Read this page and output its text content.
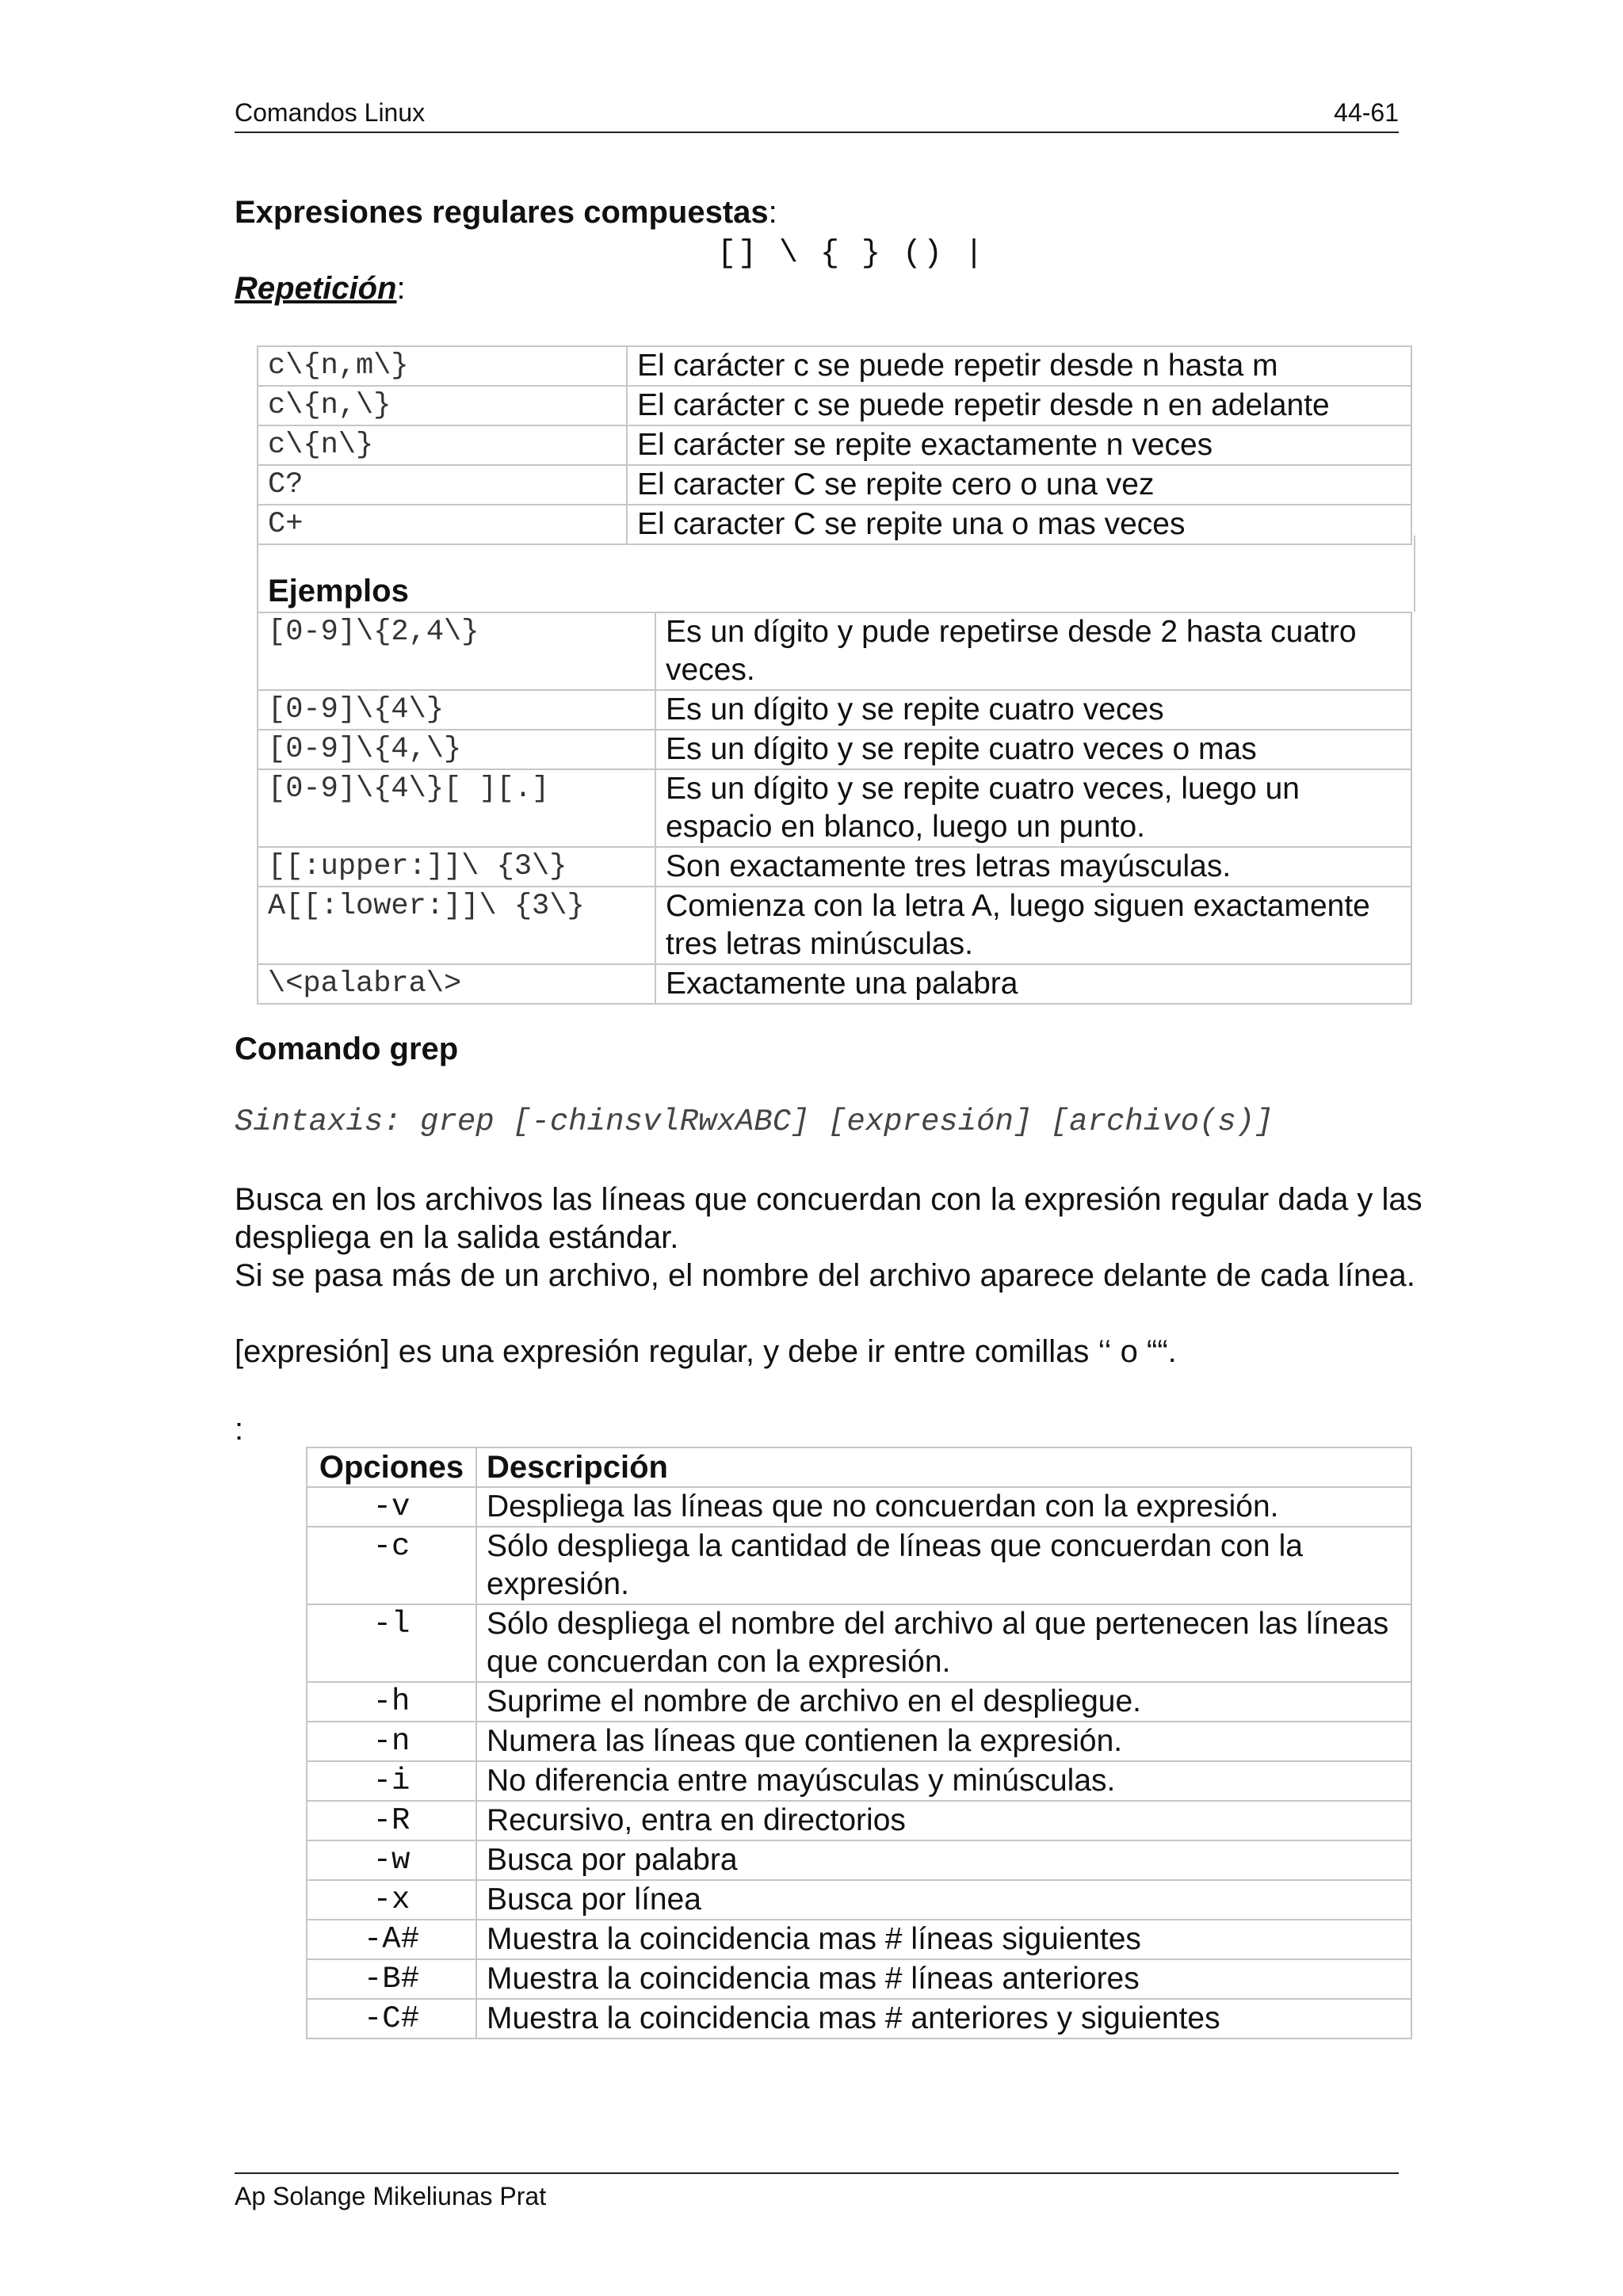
Comandos Linux	44-61
Expresiones regulares compuestas:
[] \ { } () |
Repetición:
c\{n,m\}	El carácter c se puede repetir desde n hasta m
c\{n,\}	El carácter c se puede repetir desde n en adelante
c\{n\}	El carácter se repite exactamente n veces
C?	El caracter C se repite cero o una vez
C+	El caracter C se repite una o mas veces
Ejemplos
[0-9]\{2,4\}	Es un dígito y pude repetirse desde 2 hasta cuatro veces.
[0-9]\{4\}	Es un dígito y se repite cuatro veces
[0-9]\{4,\}	Es un dígito y se repite cuatro veces o mas
[0-9]\{4\}[ ][.]	Es un dígito y se repite cuatro veces, luego un espacio en blanco, luego un punto.
[[:upper:]]\ {3\}	Son exactamente tres letras mayúsculas.
A[[:lower:]]\ {3\}	Comienza con la letra A, luego siguen exactamente tres letras minúsculas.
\<palabra\>	Exactamente una palabra
Comando grep
Sintaxis: grep [-chinsvlRwxABC] [expresión] [archivo(s)]
Busca en los archivos las líneas que concuerdan con la expresión regular dada y las despliega en la salida estándar.
Si se pasa más de un archivo, el nombre del archivo aparece delante de cada línea.
[expresión] es una expresión regular, y debe ir entre comillas ‘‘ o ““.
:
Opciones	Descripción
-v	Despliega las líneas que no concuerdan con la expresión.
-c	Sólo despliega la cantidad de líneas que concuerdan con la expresión.
-l	Sólo despliega el nombre del archivo al que pertenecen las líneas que concuerdan con la expresión.
-h	Suprime el nombre de archivo en el despliegue.
-n	Numera las líneas que contienen la expresión.
-i	No diferencia entre mayúsculas y minúsculas.
-R	Recursivo, entra en directorios
-w	Busca por palabra
-x	Busca por línea
-A#	Muestra la coincidencia mas # líneas siguientes
-B#	Muestra la coincidencia mas # líneas anteriores
-C#	Muestra la coincidencia mas # anteriores y siguientes
Ap Solange Mikeliunas Prat
